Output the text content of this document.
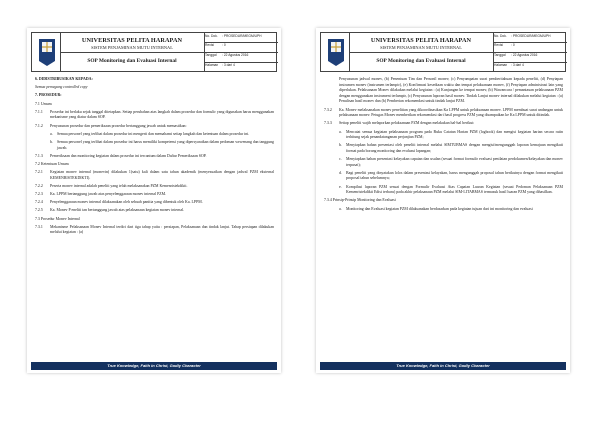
UNIVERSITAS PELITA HARAPAN
SISTEM PENJAMINAN MUTU INTERNAL
SOP Monitoring dan Evaluasi Internal
No. Dok. : PROSEDUR/MEGM/UPH
Revisi : 0
Tanggal : 22 Agustus 2016
Halaman : 3 dari 4

6. DIDISTRIBUSIKAN KEPADA:

Semua pemegang controlled copy

7. PROSEDUR:

7.1 Umum

7.1.1 Prosedur ini berlaku sejak tanggal ditetapkan. Setiap perubahan atas langkah dalam prosedur dan formulir yang digunakan harus menggunakan mekanisme yang diatur dalam SOP.

7.1.2 Penyusunan prosedur dan pemeriksaan prosedur bertanggung jawab untuk memastikan:

a. Semua personel yang terlibat dalam prosedur ini mengerti dan memahami setiap langkah dan ketentuan dalam prosedur ini.

b. Semua personel yang terlibat dalam prosedur ini harus memiliki kompetensi yang dipersyaratkan dalam pedoman wewenang dan tanggung jawab.

7.1.3 Pemeriksaan dan monitoring kegiatan dalam prosedur ini tercantum dalam Daftar Pemeriksaan SOP.

7.2 Ketentuan Umum

7.2.1 Kegiatan monev internal (monevin) dilakukan 1(satu) kali dalam satu tahun akademik (menyesuaikan dengan jadwal PZM eksternal KEMENRISTEKDIKTI).

7.2.2 Peserta monev internal adalah peneliti yang telah melaksanakan PZM Kemenristekdikti.

7.2.3 Ka. LPPM bertanggung jawab atas penyelenggaraan monev internal PZM.

7.2.4 Penyelenggaraan monev internal dilaksanakan oleh sebuah panitia yang dibentuk oleh Ka. LPPM.

7.2.5 Ka. Monev P eneliti tan bertanggung jawab atas pelaksanaan kegiatan monev internal.

7.3 Prosedur Monev Internal

7.3.1 Mekanisme Pelaksanaan Monev Internal terdiri dari tiga tahap yaitu : persiapan, Pelaksanaan dan tindak lanjut. Tahap persiapan dilakukan melalui kegiatan : (a)

True Knowledge, Faith in Christ, Godly Character
UNIVERSITAS PELITA HARAPAN
SISTEM PENJAMINAN MUTU INTERNAL
SOP Monitoring dan Evaluasi Internal
No. Dok. : PROSEDUR/MEGM/UPH
Revisi : 0
Tanggal : 22 Agustus 2016
Halaman : 3 dari 4

Penyusunan jadwal monev, (b) Penentuan Tim dan Personil monev, (c) Penyampaian surat pemberitahuan kepada peneliti, (d) Penyiapan instrumen monev (instrumen terlampir), (e) Konfirmasi kesediaan waktu dan tempat pelaksanaan monev, (f) Penyiapan administrasi lain yang diperlukan. Pelaksanaan Monev dilakukan melalui kegiatan : (a) Kunjungan ke tempat monev, (b) Wawancara / pemantauan pelaksanaan PZM dengan menggunakan instrument terlampir, (c) Penyusunan laporan hasil monev. Tindak Lanjut monev internal dilakukan melalui kegiatan : (a) Penulisan hasil monev dan (b) Pemberian rekomendasi untuk tindak lanjut PZM.

7.3.2 Ka. Monev melaksanakan monev penelitian yang dikoordinasikan Ka LPPM untuk pelaksanaan monev. LPPM membuat surat undangan untuk pelaksanaan monev. Petugas Monev memberikan rekomendasi dari hasil progress PZM yang disampaikan ke Ka LPPM untuk ditindak.

7.3.3 Setiap peneliti wajib melaporkan pelaksanaan PZM dengan melakukan hal-hal berikut:

a. Mencatat semua kegiatan pelaksanaan program pada Buku Catatan Harian PZM (logbook) dan mengisi kegiatan harian secara rutin terhitung sejak penandatanganan perjanjian PZM;

b. Menyiapkan bahan presentasi oleh peneliti internal melalui SIMTUBMAS dengan mengisi/mengunggah laporan kemajuan mengikuti format pada borang monitoring dan evaluasi lapangan;

c. Menyiapkan bahan presentasi kelayakan capaian dan usulan (sesuai format formulir evaluasi penilaian perdokumen/kelayakan dan monev terpusat);

d. Bagi peneliti yang dinyatakan lolos dalam presentasi kelayakan, harus mengunggah proposal tahun berikutnya dengan format mengikuti proposal tahun sebelumnya;

e. Kompilasi laporan PZM sesuai dengan Formulir Evaluasi Atas Capaian Luaran Kegiatan (sesuai Pedoman Pelaksanaan PZM Kemenristekdikti Edisi terbaru) pada akhir pelaksanaan PZM melalui SIM-LITABMAS termasuk hasil luaran PZM yang dihasilkan.

7.3.4 Prinsip-Prinsip Monitoring dan Evaluasi

a. Monitoring dan Evaluasi kegiatan PZM dilaksanakan berdasarkan pada kegiatan tujuan dari ini monitoring dan evaluasi

True Knowledge, Faith in Christ, Godly Character
